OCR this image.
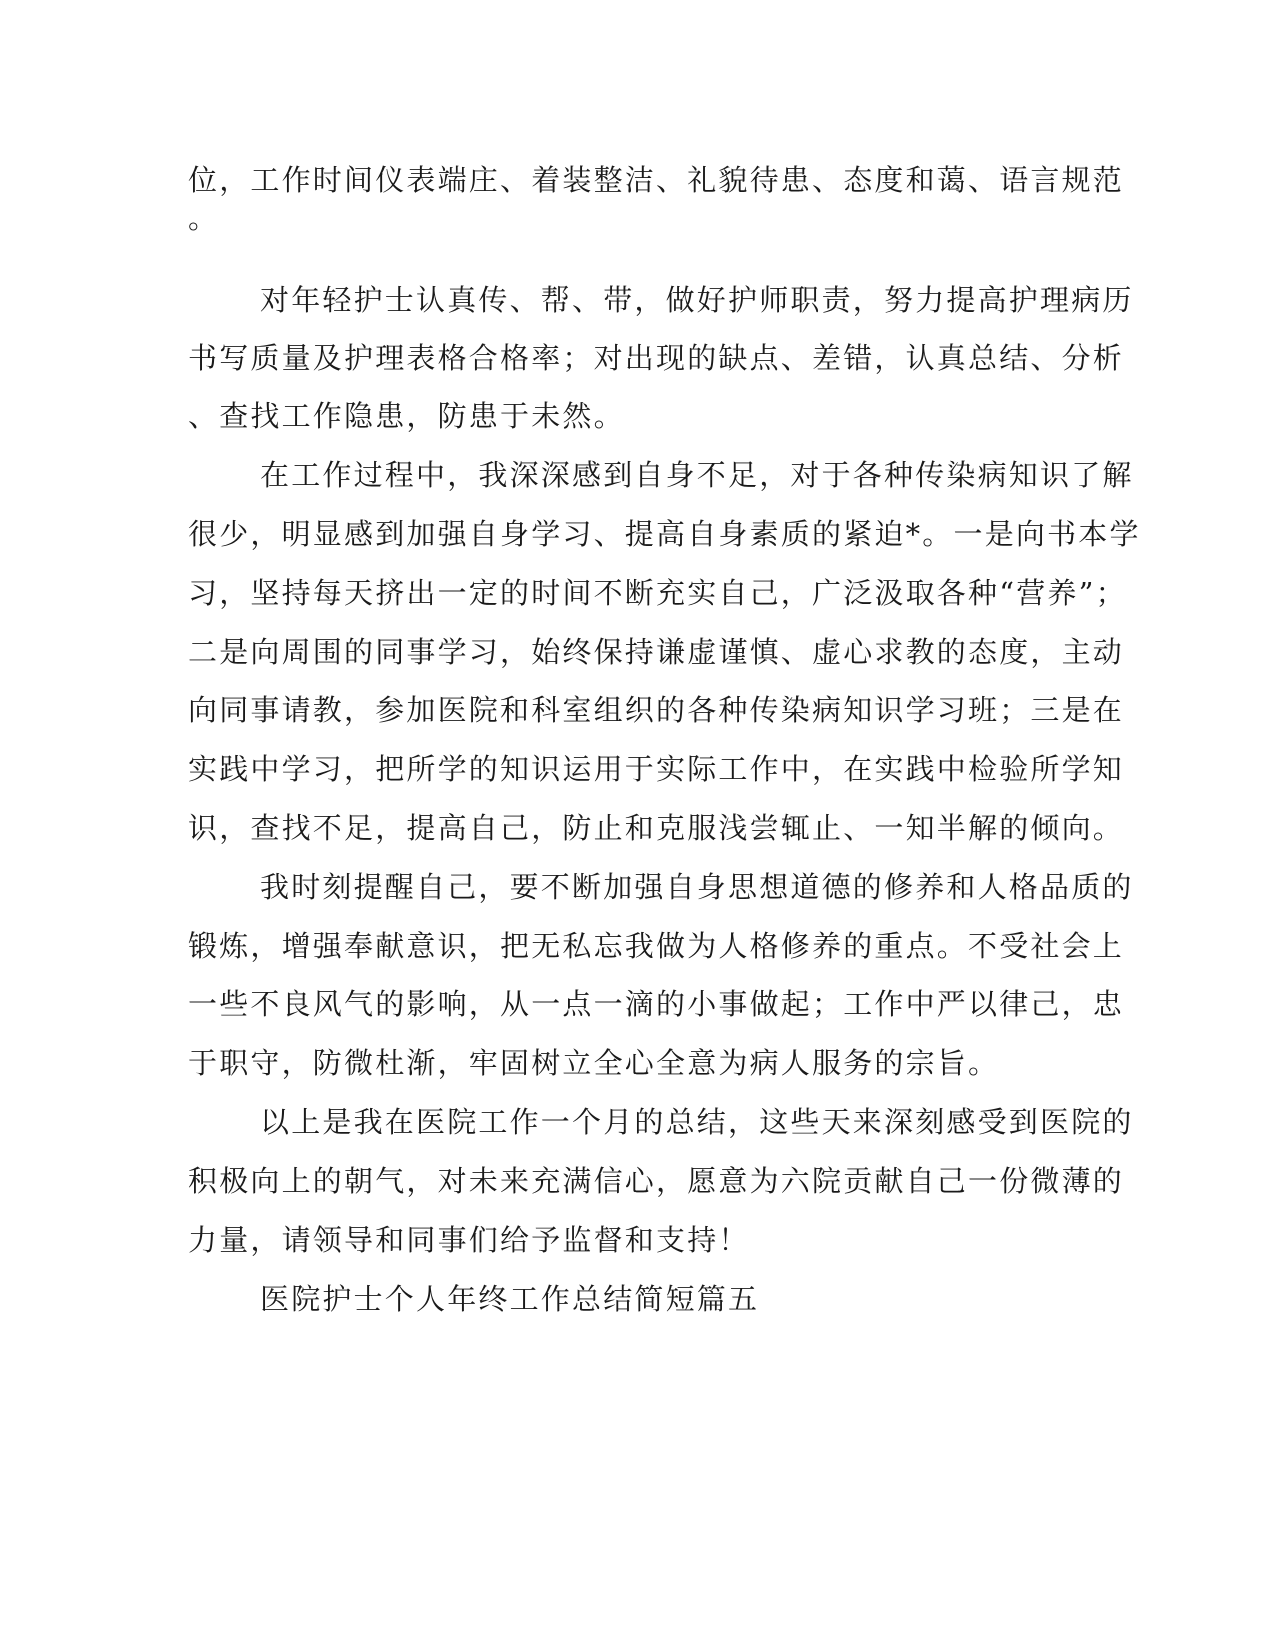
位，工作时间仪表端庄、着装整洁、礼貌待患、态度和蔼、语言规范
。
对年轻护士认真传、帮、带，做好护师职责，努力提高护理病历
书写质量及护理表格合格率；对出现的缺点、差错，认真总结、分析
、查找工作隐患，防患于未然。
在工作过程中，我深深感到自身不足，对于各种传染病知识了解
很少，明显感到加强自身学习、提高自身素质的紧迫*。一是向书本学
习，坚持每天挤出一定的时间不断充实自己，广泛汲取各种“营养”；
二是向周围的同事学习，始终保持谦虚谨慎、虚心求教的态度，主动
向同事请教，参加医院和科室组织的各种传染病知识学习班；三是在
实践中学习，把所学的知识运用于实际工作中，在实践中检验所学知
识，查找不足，提高自己，防止和克服浅尝辄止、一知半解的倾向。
我时刻提醒自己，要不断加强自身思想道德的修养和人格品质的
锻炼，增强奉献意识，把无私忘我做为人格修养的重点。不受社会上
一些不良风气的影响，从一点一滴的小事做起；工作中严以律己，忠
于职守，防微杜渐，牢固树立全心全意为病人服务的宗旨。
以上是我在医院工作一个月的总结，这些天来深刻感受到医院的
积极向上的朝气，对未来充满信心，愿意为六院贡献自己一份微薄的
力量，请领导和同事们给予监督和支持！
医院护士个人年终工作总结简短篇五
